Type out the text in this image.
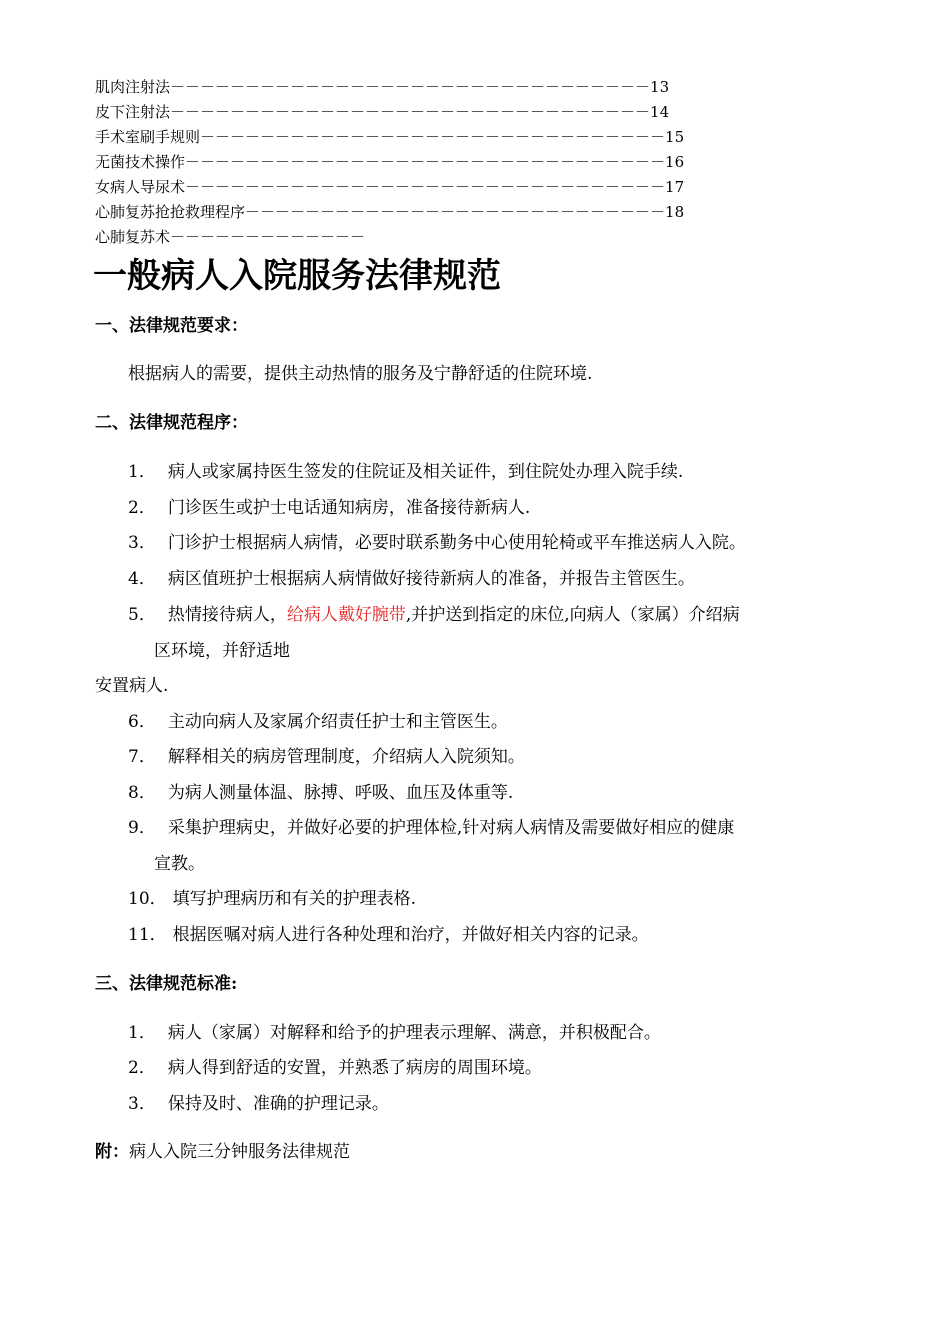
肌肉注射法－－－－－－－－－－－－－－－－－－－－－－－－－－－－－－－－13
皮下注射法－－－－－－－－－－－－－－－－－－－－－－－－－－－－－－－－14
手术室刷手规则－－－－－－－－－－－－－－－－－－－－－－－－－－－－－－－15
无菌技术操作－－－－－－－－－－－－－－－－－－－－－－－－－－－－－－－－16
女病人导尿术－－－－－－－－－－－－－－－－－－－－－－－－－－－－－－－－17
心肺复苏抢抢救理程序－－－－－－－－－－－－－－－－－－－－－－－－－－－－18
心肺复苏术－－－－－－－－－－－－－
一般病人入院服务法律规范
一、法律规范要求：
根据病人的需要，提供主动热情的服务及宁静舒适的住院环境.
二、法律规范程序：
1． 病人或家属持医生签发的住院证及相关证件，到住院处办理入院手续.
2． 门诊医生或护士电话通知病房，准备接待新病人.
3． 门诊护士根据病人病情，必要时联系勤务中心使用轮椅或平车推送病人入院。
4． 病区值班护士根据病人病情做好接待新病人的准备，并报告主管医生。
5． 热情接待病人，给病人戴好腕带,并护送到指定的床位,向病人（家属）介绍病
区环境，并舒适地
安置病人.
6． 主动向病人及家属介绍责任护士和主管医生。
7． 解释相关的病房管理制度，介绍病人入院须知。
8． 为病人测量体温、脉搏、呼吸、血压及体重等.
9． 采集护理病史，并做好必要的护理体检,针对病人病情及需要做好相应的健康
宣教。
10． 填写护理病历和有关的护理表格.
11． 根据医嘱对病人进行各种处理和治疗，并做好相关内容的记录。
三、法律规范标准:
1． 病人（家属）对解释和给予的护理表示理解、满意，并积极配合。
2． 病人得到舒适的安置，并熟悉了病房的周围环境。
3． 保持及时、准确的护理记录。
附：病人入院三分钟服务法律规范
